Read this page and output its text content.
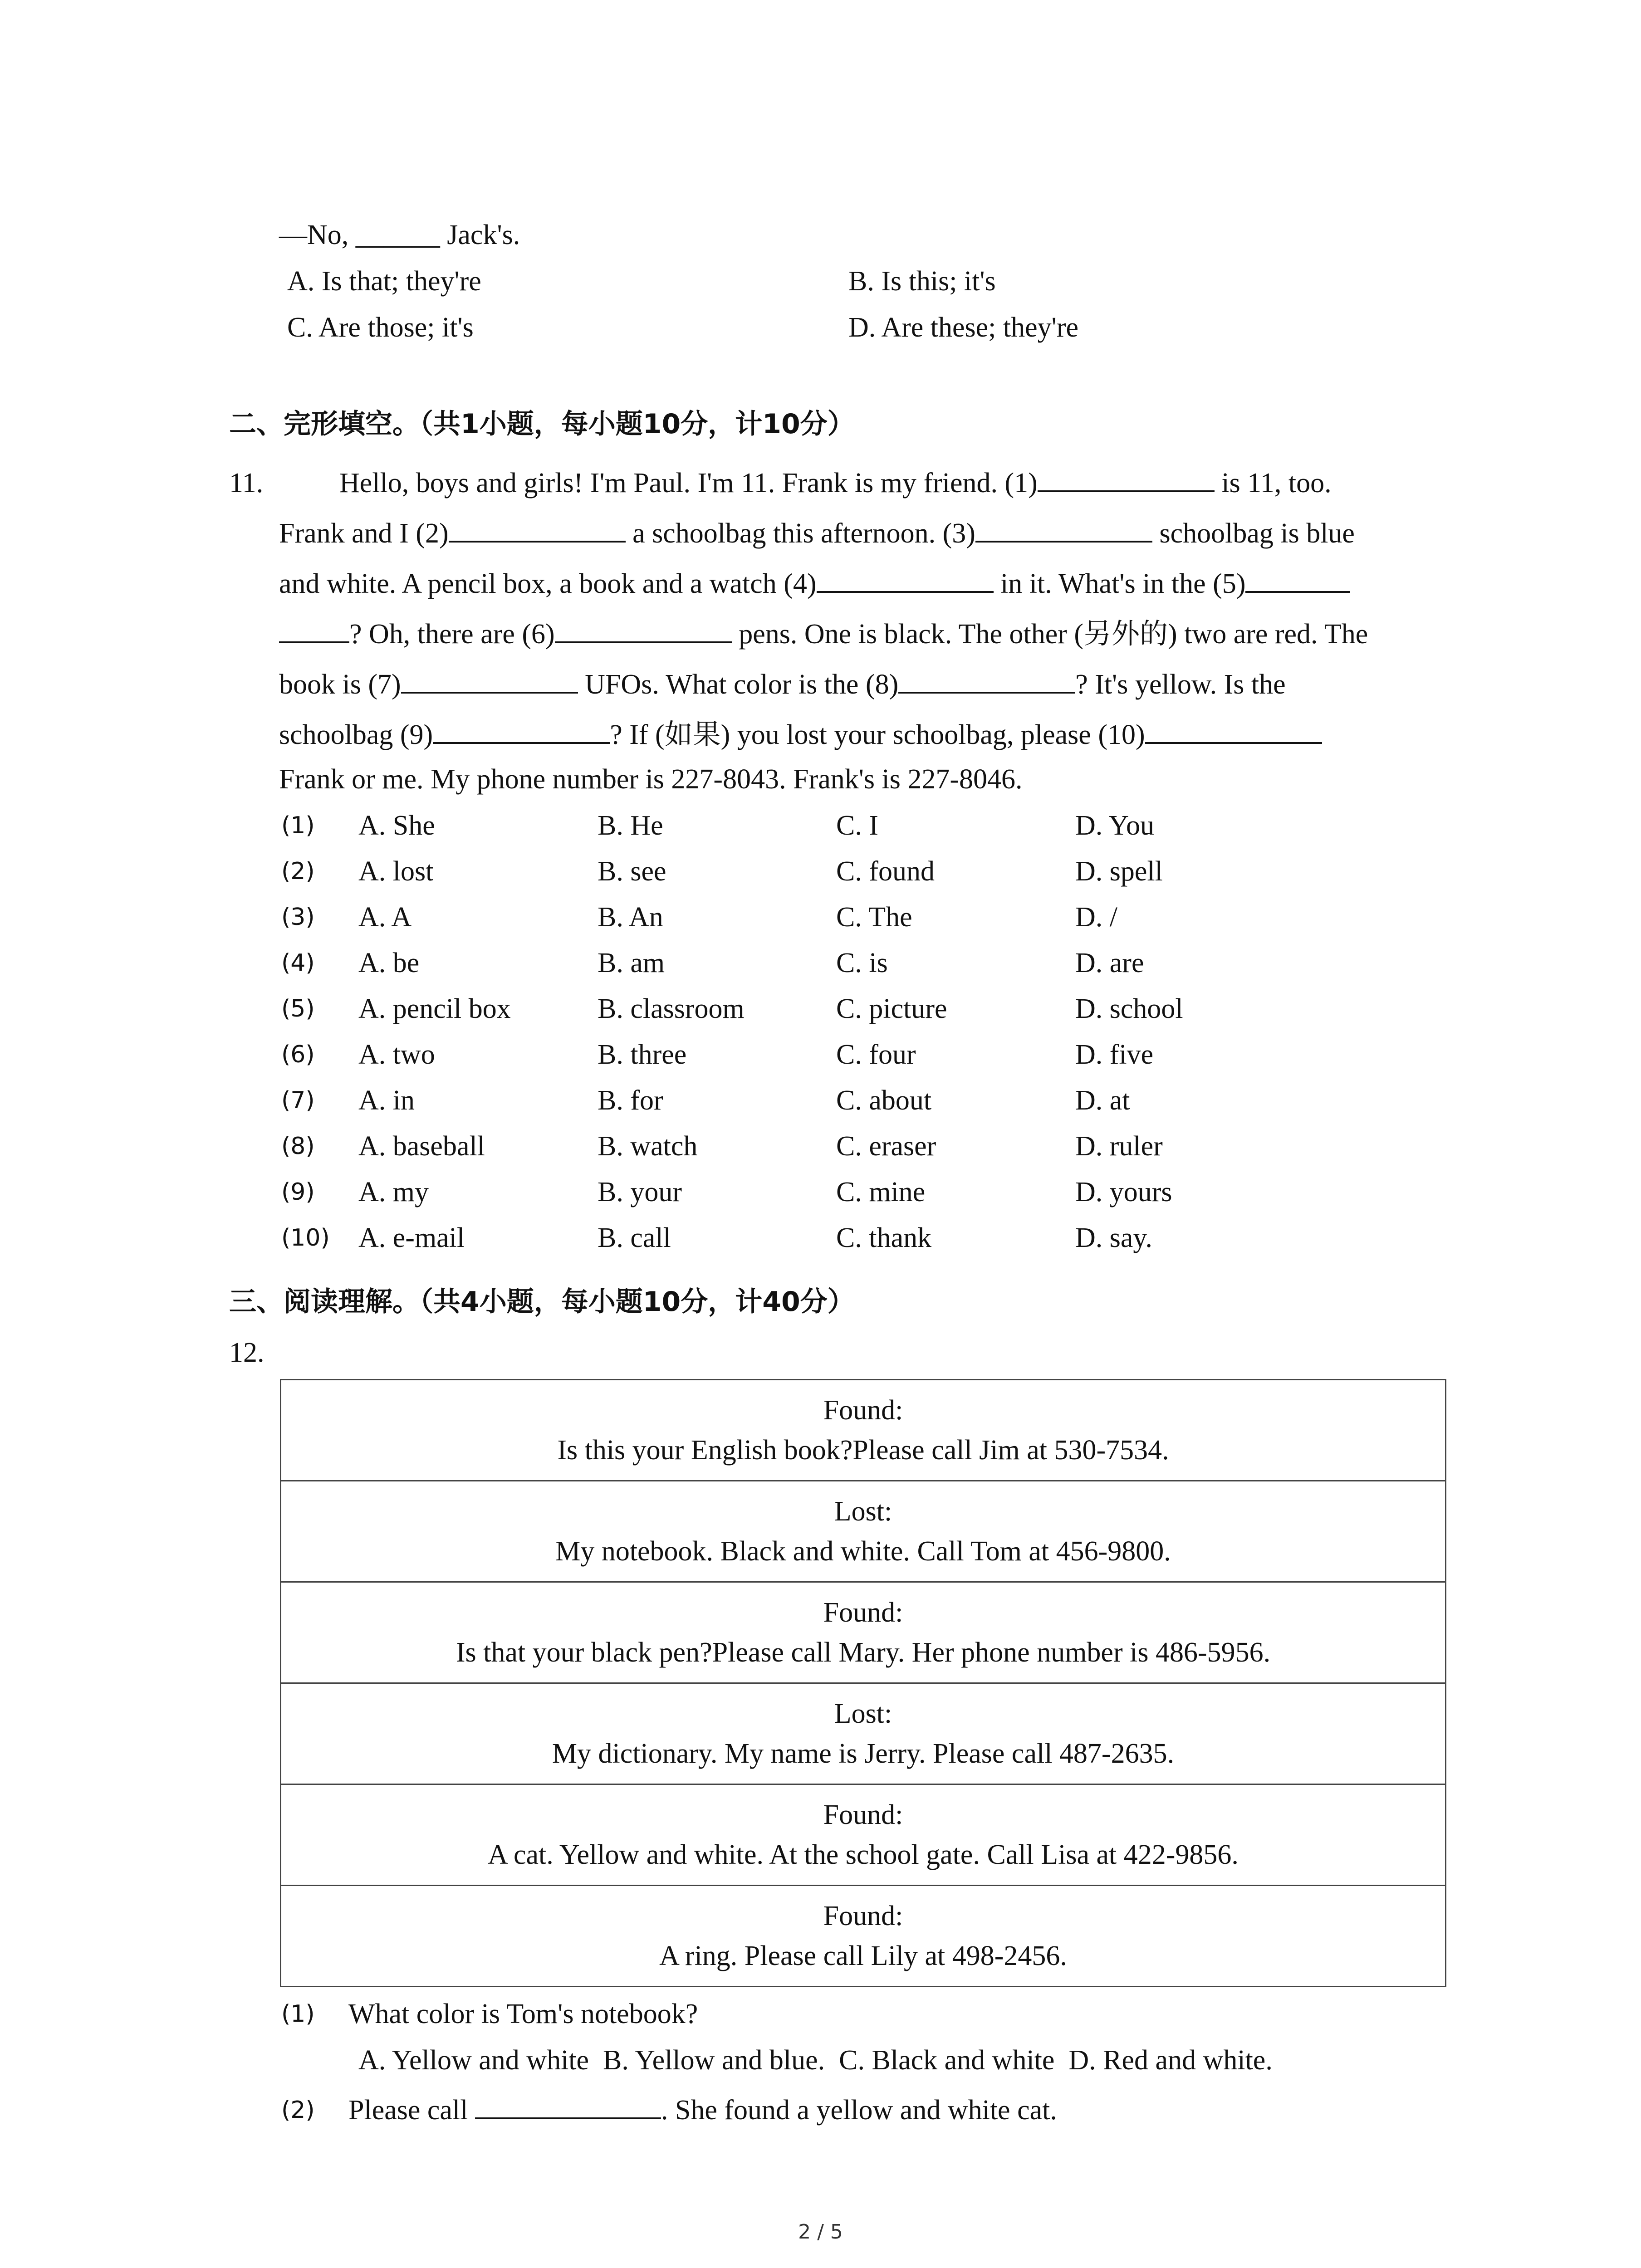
—No, ______ Jack's.
A. Is that; they're	B. Is this; it's
C. Are those; it's	D. Are these; they're
二、完形填空。（共1小题，每小题10分，计10分）
11.	Hello, boys and girls! I'm Paul. I'm 11. Frank is my friend. (1)	is 11, too.
Frank and I (2)	a schoolbag this afternoon. (3)	schoolbag is blue
and white. A pencil box, a book and a watch (4)	in it. What's in the (5)
? Oh, there are (6)	pens. One is black. The other (另外的) two are red. The
book is (7)	UFOs. What color is the (8)	? It's yellow. Is the
schoolbag (9)	? If (如果) you lost your schoolbag, please (10)
Frank or me. My phone number is 227-8043. Frank's is 227-8046.
(1) A. She	B. He	C. I	D. You
(2) A. lost	B. see	C. found	D. spell
(3) A. A	B. An	C. The	D. /
(4) A. be	B. am	C. is	D. are
(5) A. pencil box	B. classroom	C. picture	D. school
(6) A. two	B. three	C. four	D. five
(7) A. in	B. for	C. about	D. at
(8) A. baseball	B. watch	C. eraser	D. ruler
(9) A. my	B. your	C. mine	D. yours
(10) A. e-mail	B. call	C. thank	D. say.
三、阅读理解。（共4小题，每小题10分，计40分）
12.
Found:
Is this your English book?Please call Jim at 530-7534.

Lost:
My notebook. Black and white. Call Tom at 456-9800.

Found:
Is that your black pen?Please call Mary. Her phone number is 486-5956.

Lost:
My dictionary. My name is Jerry. Please call 487-2635.

Found:
A cat. Yellow and white. At the school gate. Call Lisa at 422-9856.

Found:
A ring. Please call Lily at 498-2456.
(1) What color is Tom's notebook?
A. Yellow and white  B. Yellow and blue.  C. Black and white  D. Red and white.
(2) Please call	. She found a yellow and white cat.
2 / 5
